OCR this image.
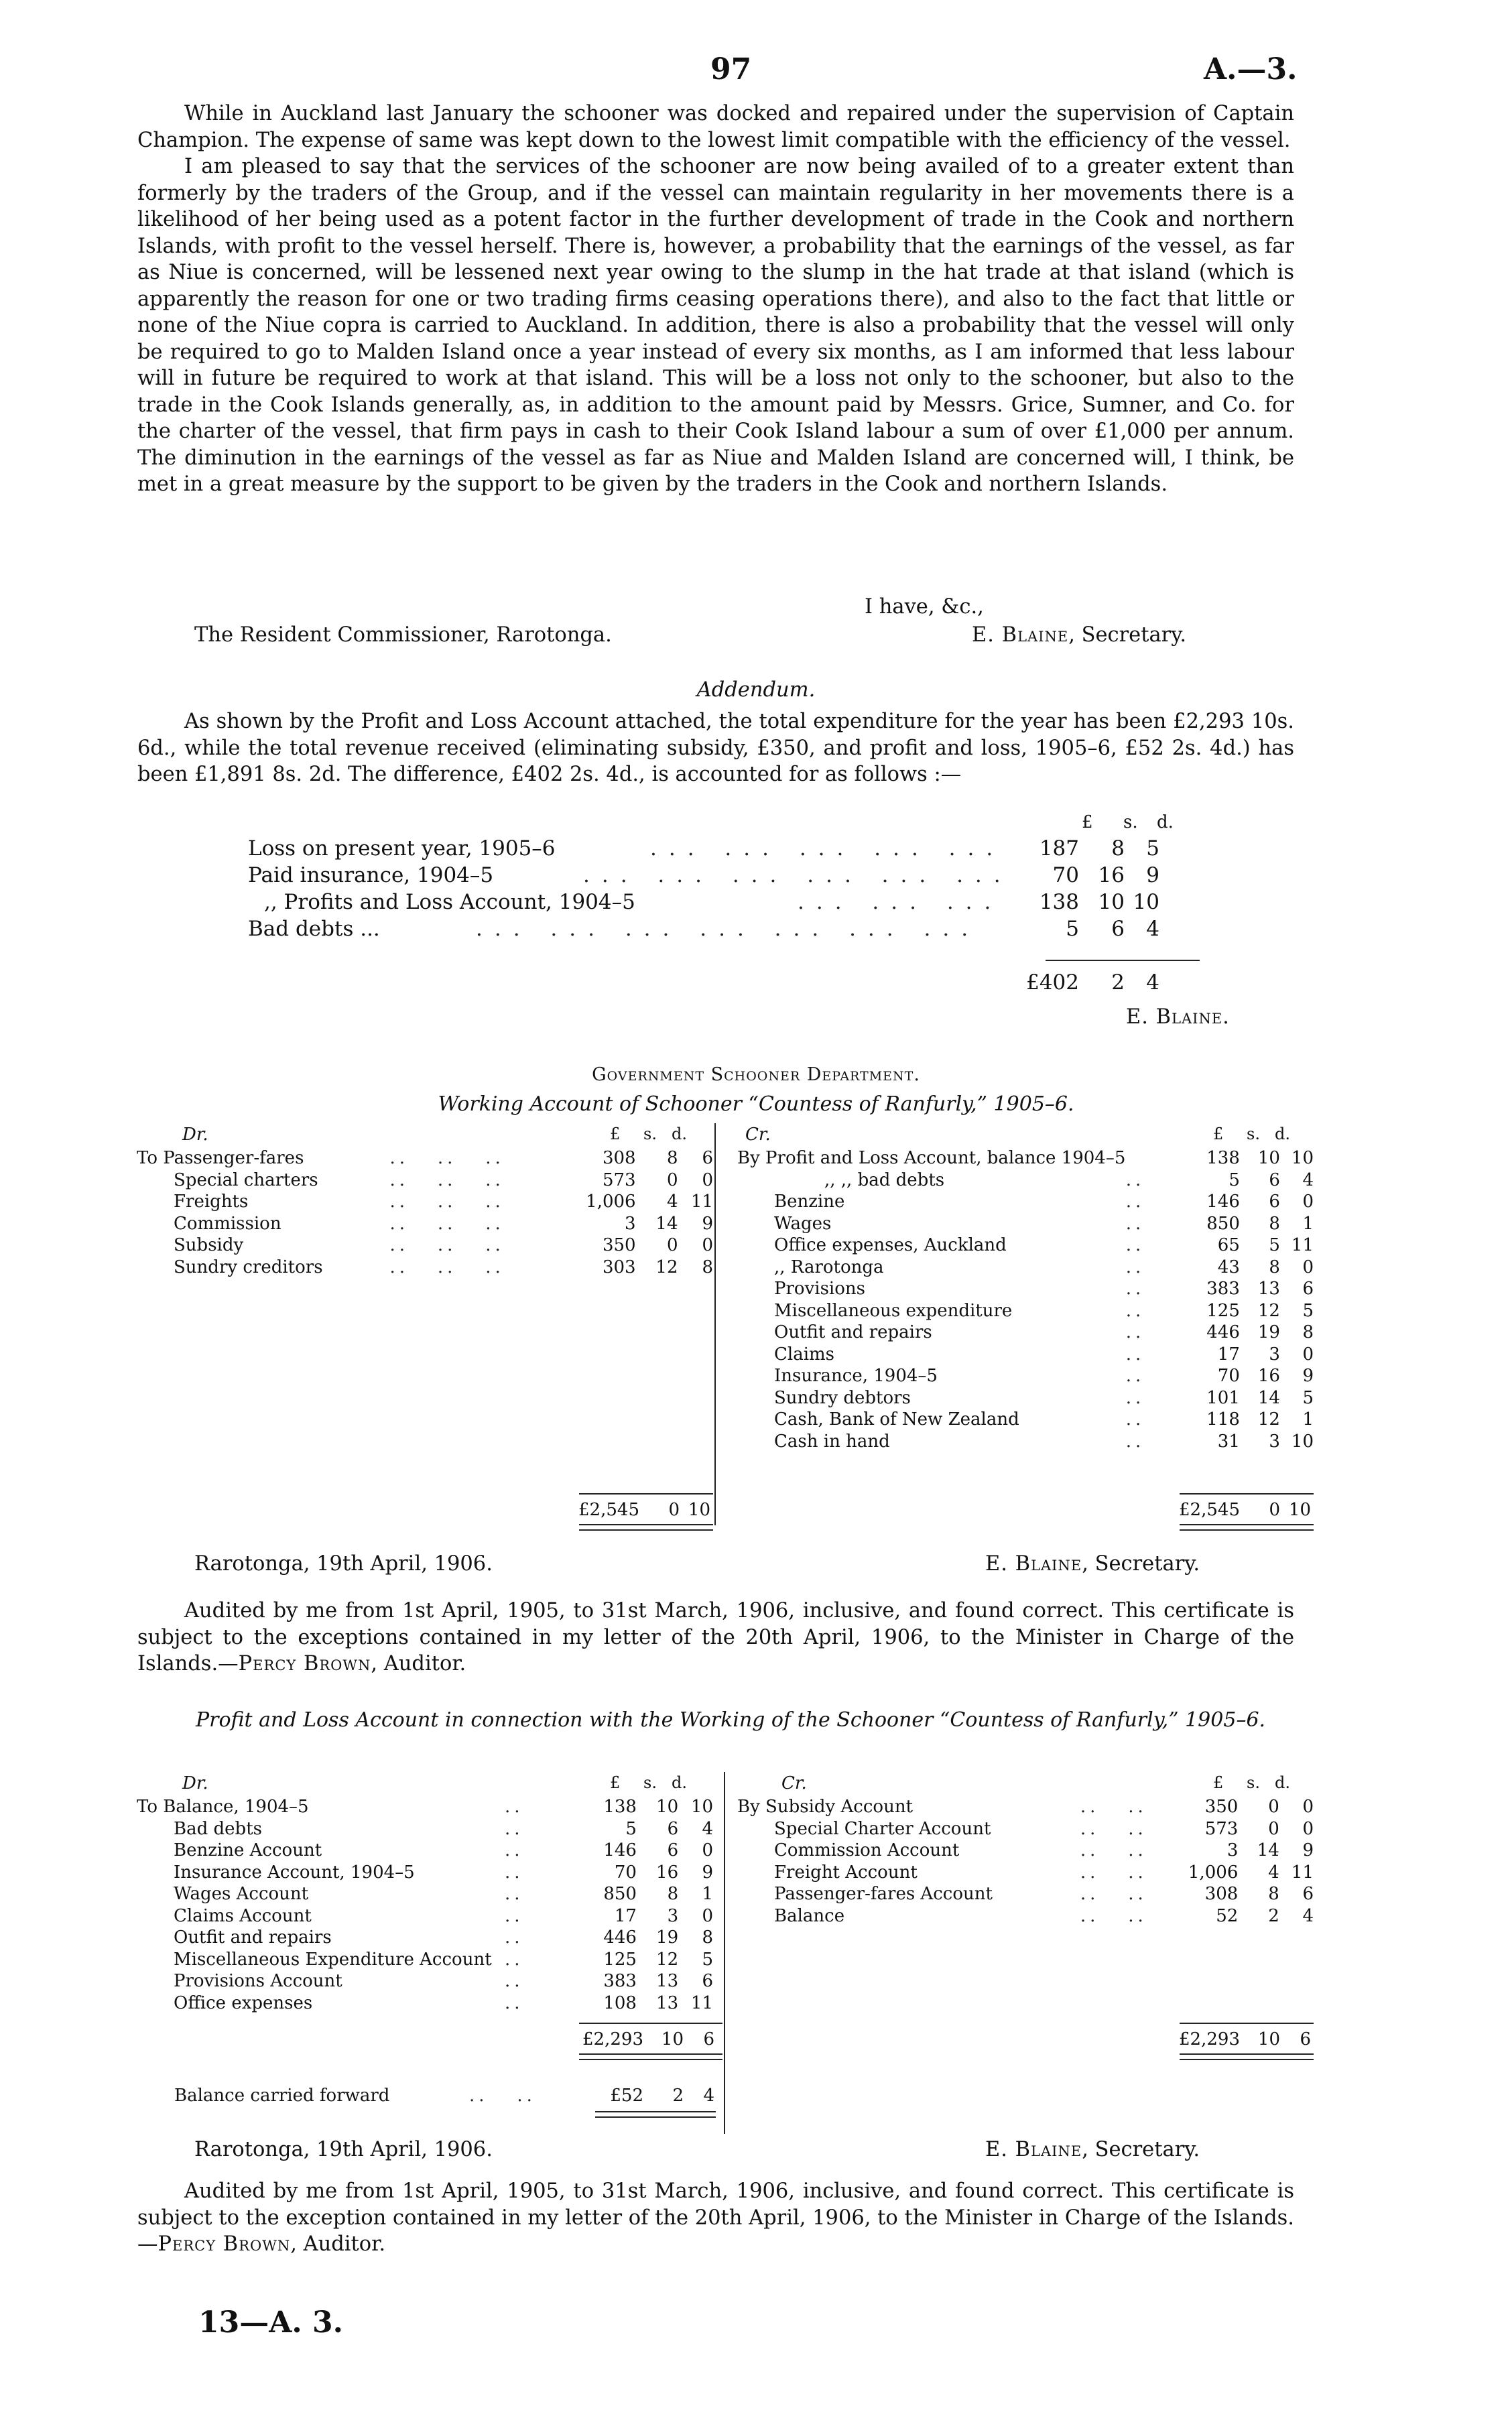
97	A.—3.

While in Auckland last January the schooner was docked and repaired under the supervision of Captain Champion. The expense of same was kept down to the lowest limit compatible with the efficiency of the vessel.

I am pleased to say that the services of the schooner are now being availed of to a greater extent than formerly by the traders of the Group, and if the vessel can maintain regularity in her movements there is a likelihood of her being used as a potent factor in the further development of trade in the Cook and northern Islands, with profit to the vessel herself. There is, however, a probability that the earnings of the vessel, as far as Niue is concerned, will be lessened next year owing to the slump in the hat trade at that island (which is apparently the reason for one or two trading firms ceasing operations there), and also to the fact that little or none of the Niue copra is carried to Auckland. In addition, there is also a probability that the vessel will only be required to go to Malden Island once a year instead of every six months, as I am informed that less labour will in future be required to work at that island. This will be a loss not only to the schooner, but also to the trade in the Cook Islands generally, as, in addition to the amount paid by Messrs. Grice, Sumner, and Co. for the charter of the vessel, that firm pays in cash to their Cook Island labour a sum of over £1,000 per annum. The diminution in the earnings of the vessel as far as Niue and Malden Island are concerned will, I think, be met in a great measure by the support to be given by the traders in the Cook and northern Islands.

I have, &c.,
The Resident Commissioner, Rarotonga.	E. Blaine, Secretary.
Addendum.

As shown by the Profit and Loss Account attached, the total expenditure for the year has been £2,293 10s. 6d., while the total revenue received (eliminating subsidy, £350, and profit and loss, 1905–6, £52 2s. 4d.) has been £1,891 8s. 2d. The difference, £402 2s. 4d., is accounted for as follows :—

£ s. d.
Loss on present year, 1905–6	... ... ... ... ... 187 8 5
Paid insurance, 1904–5	... ... ... ... ... ... 70 16 9
,, Profits and Loss Account, 1904–5	... ... ... 138 10 10
Bad debts ...	... ... ... ... ... ... ...	5 6 4
£402 2 4
E. Blaine.
Government Schooner Department.
Working Account of Schooner “Countess of Ranfurly,” 1905–6.
Dr.	£ s. d.	Cr.	£ s. d.
To Passenger-fares	..   ..   ..	308	8	6
Special charters	..   ..   ..	573	0	0
Freights	..   ..   ..	1,006	4	11
Commission	..   ..   ..	3	14	9
Subsidy	..   ..   ..	350	0	0
Sundry creditors	..   ..   ..	303	12	8
By Profit and Loss Account, balance 1904–5		138	10	10
,, ,, bad debts	..	5	6	4
Benzine	..	146	6	0
Wages	..	850	8	1
Office expenses, Auckland	..	65	5	11
,, Rarotonga	..	43	8	0
Provisions	..	383	13	6
Miscellaneous expenditure	..	125	12	5
Outfit and repairs	..	446	19	8
Claims	..	17	3	0
Insurance, 1904–5	..	70	16	9
Sundry debtors	..	101	14	5
Cash, Bank of New Zealand	..	118	12	1
Cash in hand	..	31	3	10
£2,545 0 10	£2,545 0 10
Rarotonga, 19th April, 1906.	E. Blaine, Secretary.

Audited by me from 1st April, 1905, to 31st March, 1906, inclusive, and found correct. This certificate is subject to the exceptions contained in my letter of the 20th April, 1906, to the Minister in Charge of the Islands.—Percy Brown, Auditor.

Profit and Loss Account in connection with the Working of the Schooner “Countess of Ranfurly,” 1905–6.
Dr.	£ s. d.	Cr.	£ s. d.
To Balance, 1904–5	..	138	10	10
Bad debts	..	5	6	4
Benzine Account	..	146	6	0
Insurance Account, 1904–5	..	70	16	9
Wages Account	..	850	8	1
Claims Account	..	17	3	0
Outfit and repairs	..	446	19	8
Miscellaneous Expenditure Account	..	125	12	5
Provisions Account	..	383	13	6
Office expenses	..	108	13	11
By Subsidy Account	..   ..	350	0	0
Special Charter Account	..   ..	573	0	0
Commission Account	..   ..	3	14	9
Freight Account	..   ..	1,006	4	11
Passenger-fares Account	..   ..	308	8	6
Balance	..   ..	52	2	4
£2,293 10 6	£2,293 10 6
Balance carried forward	..   ..	£52 2 4
Rarotonga, 19th April, 1906.	E. Blaine, Secretary.

Audited by me from 1st April, 1905, to 31st March, 1906, inclusive, and found correct. This certificate is subject to the exception contained in my letter of the 20th April, 1906, to the Minister in Charge of the Islands.—Percy Brown, Auditor.

13—A. 3.
